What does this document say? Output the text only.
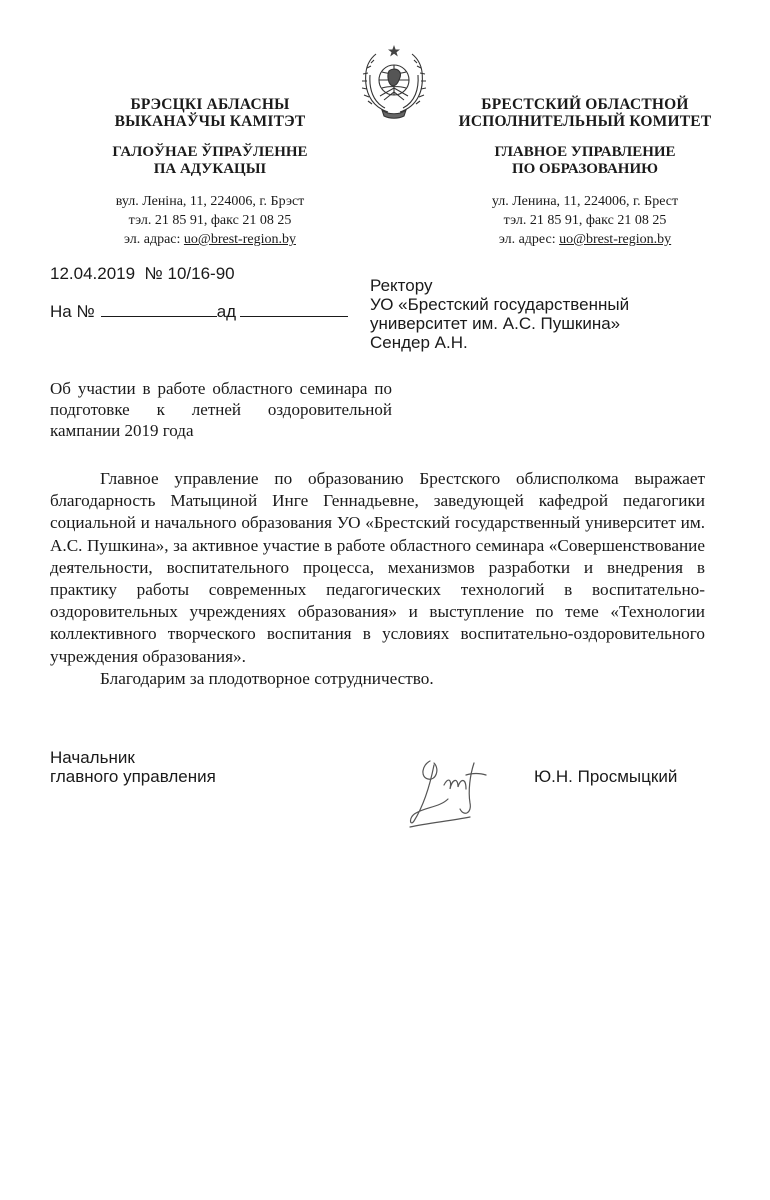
БРЭСЦКІ АБЛАСНЫ
ВЫКАНАЎЧЫ КАМІТЭТ
ГАЛОЎНАЕ ЎПРАЎЛЕННЕ
ПА АДУКАЦЫІ
вул. Леніна, 11, 224006, г. Брэст
тэл. 21 85 91, факс 21 08 25
эл. адрас: uo@brest-region.by
БРЕСТСКИЙ ОБЛАСТНОЙ
ИСПОЛНИТЕЛЬНЫЙ КОМИТЕТ
ГЛАВНОЕ УПРАВЛЕНИЕ
ПО ОБРАЗОВАНИЮ
ул. Ленина, 11, 224006, г. Брест
тэл. 21 85 91, факс 21 08 25
эл. адрес: uo@brest-region.by
12.04.2019 № 10/16-90
На №	ад
Ректору
УО «Брестский государственный
университет им. А.С. Пушкина»
Сендер А.Н.
Об участии в работе областного семинара по подготовке к летней оздоровительной кампании 2019 года

Главное управление по образованию Брестского облисполкома выражает благодарность Матыциной Инге Геннадьевне, заведующей кафедрой педагогики социальной и начального образования УО «Брестский государственный университет им. А.С. Пушкина», за активное участие в работе областного семинара «Совершенствование деятельности, воспитательного процесса, механизмов разработки и внедрения в практику работы современных педагогических технологий в воспитательно-оздоровительных учреждениях образования» и выступление по теме «Технологии коллективного творческого воспитания в условиях воспитательно-оздоровительного учреждения образования».

Благодарим за плодотворное сотрудничество.

Начальник
главного управления	Ю.Н. Просмыцкий
